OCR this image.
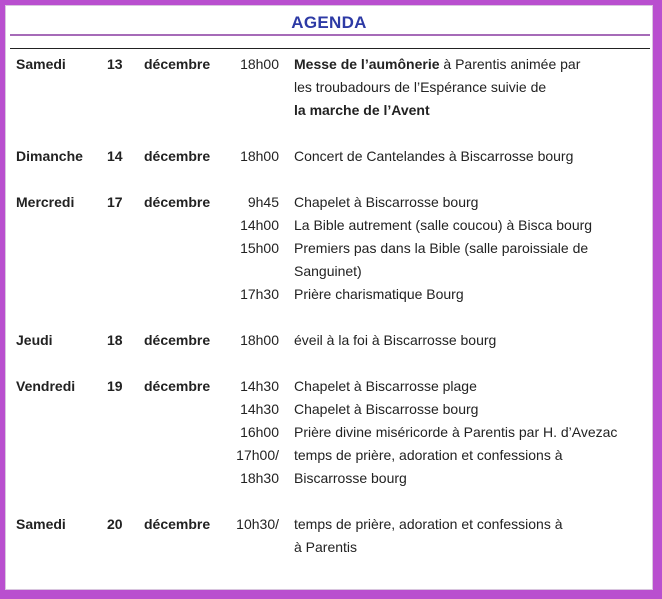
AGENDA
Samedi	13 décembre	18h00 Messe de l’aumônerie à Parentis animée par
les troubadours de l’Espérance suivie de
la marche de l’Avent
Dimanche 14 décembre	18h00 Concert de Cantelandes à Biscarrosse bourg
Mercredi 17 décembre	9h45 Chapelet à Biscarrosse bourg
14h00 La Bible autrement (salle coucou) à Bisca bourg
15h00 Premiers pas dans la Bible (salle paroissiale de
Sanguinet)
17h30 Prière charismatique Bourg
Jeudi	18 décembre	18h00 éveil à la foi à Biscarrosse bourg
Vendredi 19 décembre	14h30 Chapelet à Biscarrosse plage
14h30 Chapelet à Biscarrosse bourg
16h00 Prière divine miséricorde à Parentis par H. d’Avezac
17h00/ temps de prière, adoration et confessions à
18h30 Biscarrosse bourg
Samedi	20 décembre	10h30/ temps de prière, adoration et confessions à
à Parentis
